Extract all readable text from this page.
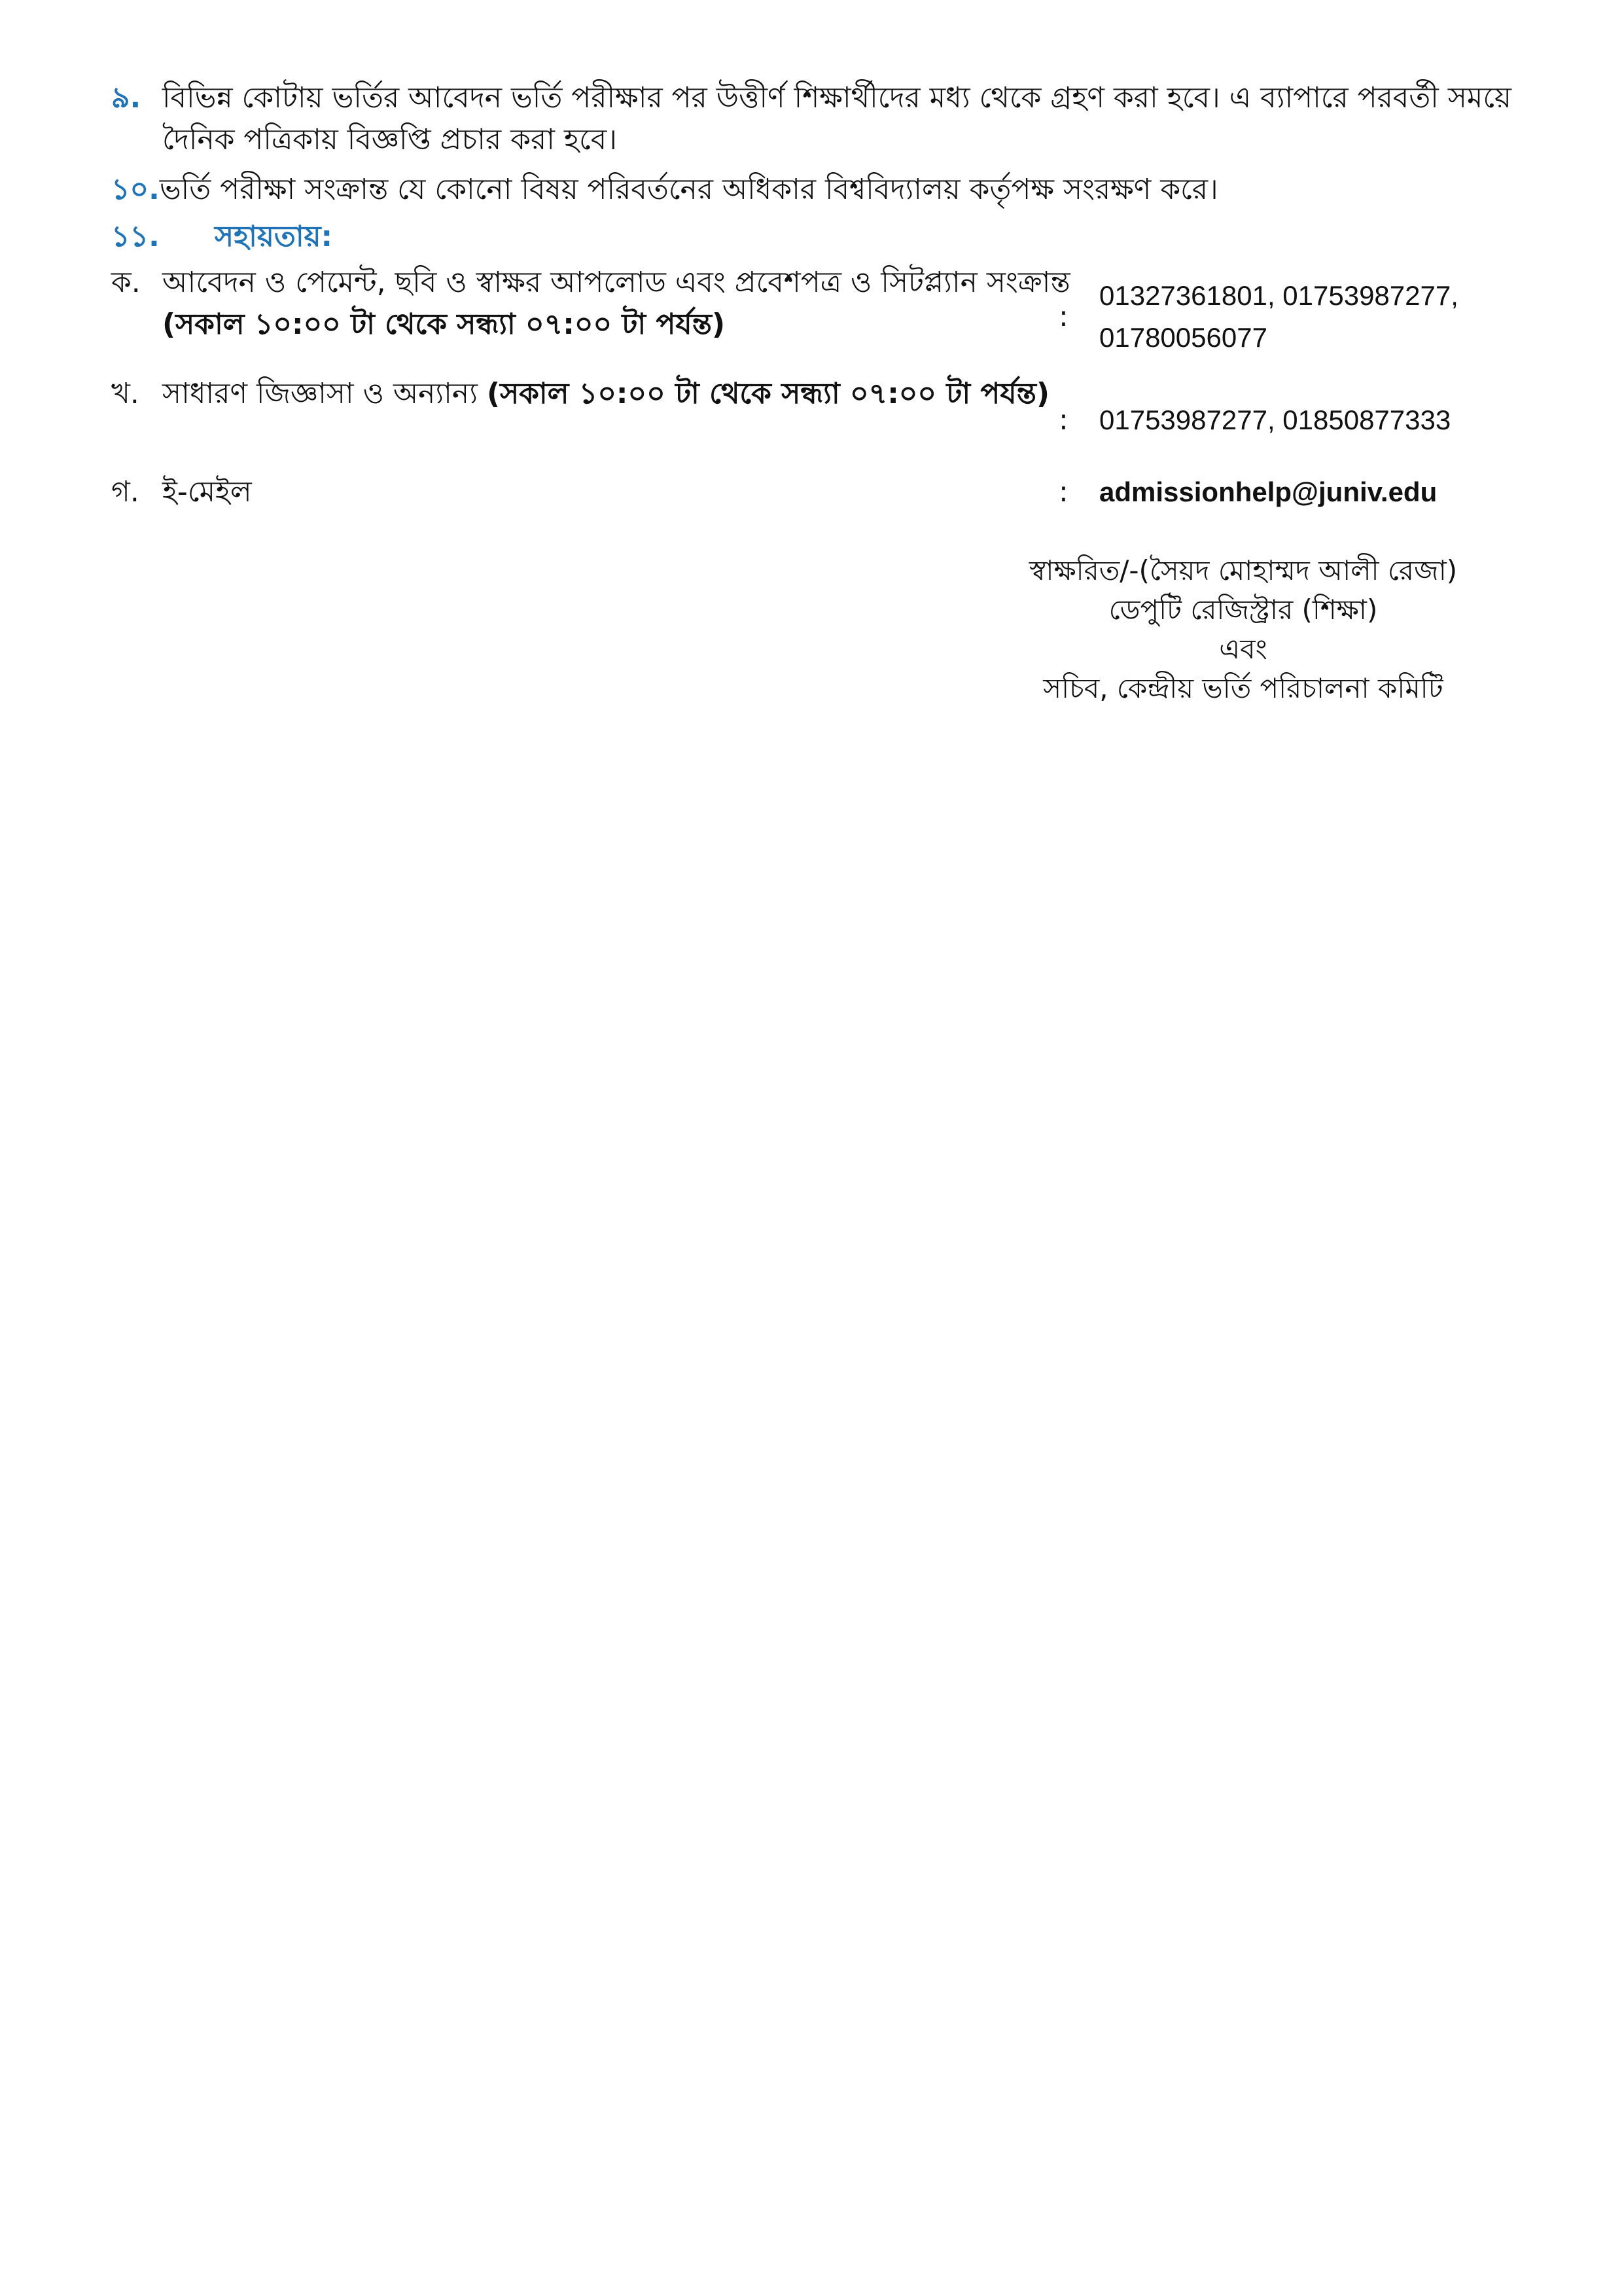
৯. বিভিন্ন কোটায় ভর্তির আবেদন ভর্তি পরীক্ষার পর উত্তীর্ণ শিক্ষার্থীদের মধ্য থেকে গ্রহণ করা হবে। এ ব্যাপারে পরবর্তী সময়ে দৈনিক পত্রিকায় বিজ্ঞপ্তি প্রচার করা হবে।
১০. ভর্তি পরীক্ষা সংক্রান্ত যে কোনো বিষয় পরিবর্তনের অধিকার বিশ্ববিদ্যালয় কর্তৃপক্ষ সংরক্ষণ করে।
১১.	সহায়তায়:
ক. আবেদন ও পেমেন্ট, ছবি ও স্বাক্ষর আপলোড এবং প্রবেশপত্র ও সিটপ্ল্যান সংক্রান্ত (সকাল ১০:০০ টা থেকে সন্ধ্যা ০৭:০০ টা পর্যন্ত)	:
01327361801, 01753987277,
01780056077
খ. সাধারণ জিজ্ঞাসা ও অন্যান্য (সকাল ১০:০০ টা থেকে সন্ধ্যা ০৭:০০ টা পর্যন্ত)
: 01753987277, 01850877333
গ. ই-মেইল	: admissionhelp@juniv.edu
স্বাক্ষরিত/-(সৈয়দ মোহাম্মদ আলী রেজা)
ডেপুটি রেজিস্ট্রার (শিক্ষা)
এবং
সচিব, কেন্দ্রীয় ভর্তি পরিচালনা কমিটি
